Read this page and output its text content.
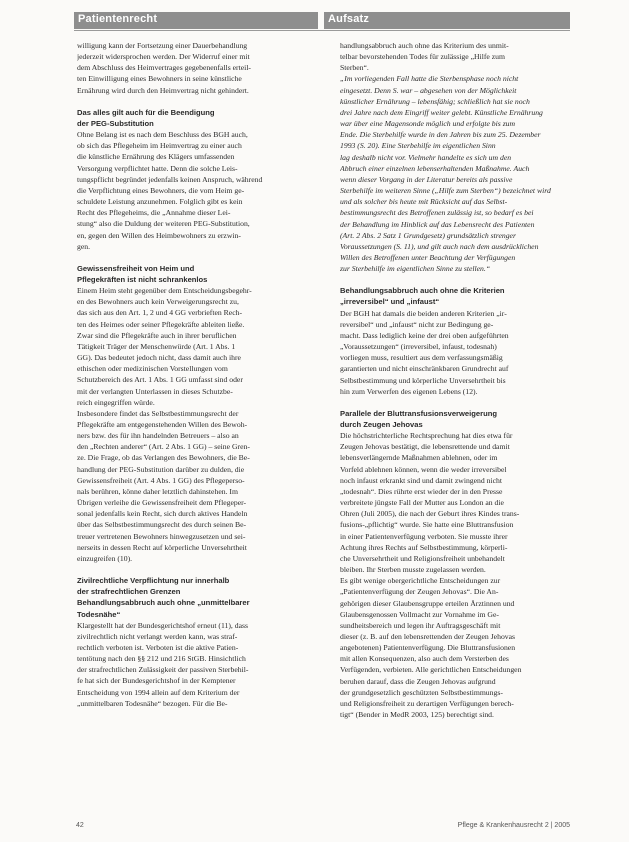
Patientenrecht	Aufsatz

willigung kann der Fortsetzung einer Dauerbehandlung
jederzeit widersprochen werden. Der Widerruf einer mit
dem Abschluss des Heimvertrages gegebenenfalls erteil-
ten Einwilligung eines Bewohners in seine künstliche
Ernährung wird durch den Heimvertrag nicht gehindert.

Das alles gilt auch für die Beendigung
der PEG-Substitution

Ohne Belang ist es nach dem Beschluss des BGH auch,
ob sich das Pflegeheim im Heimvertrag zu einer auch
die künstliche Ernährung des Klägers umfassenden
Versorgung verpflichtet hatte. Denn die solche Leis-
tungspflicht begründet jedenfalls keinen Anspruch, während
die Verpflichtung eines Bewohners, die vom Heim ge-
schuldete Leistung anzunehmen. Folglich gibt es kein
Recht des Pflegeheims, die „Annahme dieser Lei-
stung“ also die Duldung der weiteren PEG-Substitution,
en, gegen den Willen des Heimbewohners zu erzwin-
gen.

Gewissensfreiheit von Heim und
Pflegekräften ist nicht schrankenlos

Einem Heim steht gegenüber dem Entscheidungsbegehr-
en des Bewohners auch kein Verweigerungsrecht zu,
das sich aus den Art. 1, 2 und 4 GG verbrieften Rech-
ten des Heimes oder seiner Pflegekräfte ableiten ließe.
Zwar sind die Pflegekräfte auch in ihrer beruflichen
Tätigkeit Träger der Menschenwürde (Art. 1 Abs. 1
GG). Das bedeutet jedoch nicht, dass damit auch ihre
ethischen oder medizinischen Vorstellungen vom
Schutzbereich des Art. 1 Abs. 1 GG umfasst sind oder
mit der verlangten Unterlassen in dieses Schutzbe-
reich eingegriffen würde.
Insbesondere findet das Selbstbestimmungsrecht der
Pflegekräfte am entgegenstehenden Willen des Bewoh-
ners bzw. des für ihn handelnden Betreuers – also an
den „Rechten anderer“ (Art. 2 Abs. 1 GG) – seine Gren-
ze. Die Frage, ob das Verlangen des Bewohners, die Be-
handlung der PEG-Substitution darüber zu dulden, die
Gewissensfreiheit (Art. 4 Abs. 1 GG) des Pflegeperso-
nals berühren, könne daher letztlich dahinstehen. Im
Übrigen verleihe die Gewissensfreiheit dem Pflegeper-
sonal jedenfalls kein Recht, sich durch aktives Handeln
über das Selbstbestimmungsrecht des durch seinen Be-
treuer vertretenen Bewohners hinwegzusetzen und sei-
nerseits in dessen Recht auf körperliche Unversehrtheit
einzugreifen (10).

Zivilrechtliche Verpflichtung nur innerhalb
der strafrechtlichen Grenzen
Behandlungsabbruch auch ohne „unmittelbarer
Todesnähe“

Klargestellt hat der Bundesgerichtshof erneut (11), dass
zivilrechtlich nicht verlangt werden kann, was straf-
rechtlich verboten ist. Verboten ist die aktive Patien-
tentötung nach den §§ 212 und 216 StGB. Hinsichtlich
der strafrechtlichen Zulässigkeit der passiven Sterbehil-
fe hat sich der Bundesgerichtshof in der Kemptener
Entscheidung von 1994 allein auf dem Kriterium der
„unmittelbaren Todesnähe“ bezogen. Für die Be-

handlungsabbruch auch ohne das Kriterium des unmit-
telbar bevorstehenden Todes für zulässige „Hilfe zum
Sterben“.

„Im vorliegenden Fall hatte die Sterbensphase noch nicht
eingesetzt. Denn S. war – abgesehen von der Möglichkeit
künstlicher Ernährung – lebensfähig; schließlich hat sie noch
drei Jahre nach dem Eingriff weiter gelebt. Künstliche Ernährung
war über eine Magensonde möglich und erfolgte bis zum
Ende. Die Sterbehilfe wurde in den Jahren bis zum 25. Dezember
1993 (S. 20). Eine Sterbehilfe im eigentlichen Sinn
lag deshalb nicht vor. Vielmehr handelte es sich um den
Abbruch einer einzelnen lebenserhaltenden Maßnahme. Auch
wenn dieser Vorgang in der Literatur bereits als passive
Sterbehilfe im weiteren Sinne („Hilfe zum Sterben“) bezeichnet wird
und als solcher bis heute mit Rücksicht auf das Selbst-
bestimmungsrecht des Betroffenen zulässig ist, so bedarf es bei
der Behandlung im Hinblick auf das Lebensrecht des Patienten
(Art. 2 Abs. 2 Satz 1 Grundgesetz) grundsätzlich strenger
Voraussetzungen (S. 11), und gilt auch nach dem ausdrücklichen
Willen des Betroffenen unter Beachtung der Verfügungen
zur Sterbehilfe im eigentlichen Sinne zu stellen.“

Behandlungsabbruch auch ohne die Kriterien
„irreversibel“ und „infaust“

Der BGH hat damals die beiden anderen Kriterien „ir-
reversibel“ und „infaust“ nicht zur Bedingung ge-
macht. Dass lediglich keine der drei oben aufgeführten
„Voraussetzungen“ (irreversibel, infaust, todesnah)
vorliegen muss, resultiert aus dem verfassungsmäßig
garantierten und nicht einschränkbaren Grundrecht auf
Selbstbestimmung und körperliche Unversehrtheit bis
hin zum Verwerfen des eigenen Lebens (12).

Parallele der Bluttransfusionsverweigerung
durch Zeugen Jehovas

Die höchstrichterliche Rechtsprechung hat dies etwa für
Zeugen Jehovas bestätigt, die lebensrettende und damit
lebensverlängernde Maßnahmen ablehnen, oder im
Vorfeld ablehnen können, wenn die weder irreversibel
noch infaust erkrankt sind und damit zwingend nicht
„todesnah“. Dies rührte erst wieder der in den Presse
verbreitete jüngste Fall der Mutter aus London an die
Ohren (Juli 2005), die nach der Geburt ihres Kindes trans-
fusions-„pflichtig“ wurde. Sie hatte eine Bluttransfusion
in einer Patientenverfügung verboten. Sie musste ihrer
Achtung ihres Rechts auf Selbstbestimmung, körperli-
che Unversehrtheit und Religionsfreiheit unbehandelt
bleiben. Ihr Sterben musste zugelassen werden.
Es gibt wenige obergerichtliche Entscheidungen zur
„Patientenverfügung der Zeugen Jehovas“. Die An-
gehörigen dieser Glaubensgruppe erteilen Ärztinnen und
Glaubensgenossen Vollmacht zur Vornahme im Ge-
sundheitsbereich und legen ihr Auftragsgeschäft mit
dieser (z. B. auf den lebensrettenden der Zeugen Jehovas
angebotenen) Patientenverfügung. Die Bluttransfusionen
mit allen Konsequenzen, also auch dem Versterben des
Verfügenden, verbieten. Alle gerichtlichen Entscheidungen
beruhen darauf, dass die Zeugen Jehovas aufgrund
der grundgesetzlich geschützten Selbstbestimmungs-
und Religionsfreiheit zu derartigen Verfügungen berech-
tigt“ (Bender in MedR 2003, 125) berechtigt sind.

42	Pflege & Krankenhausrecht 2 | 2005
